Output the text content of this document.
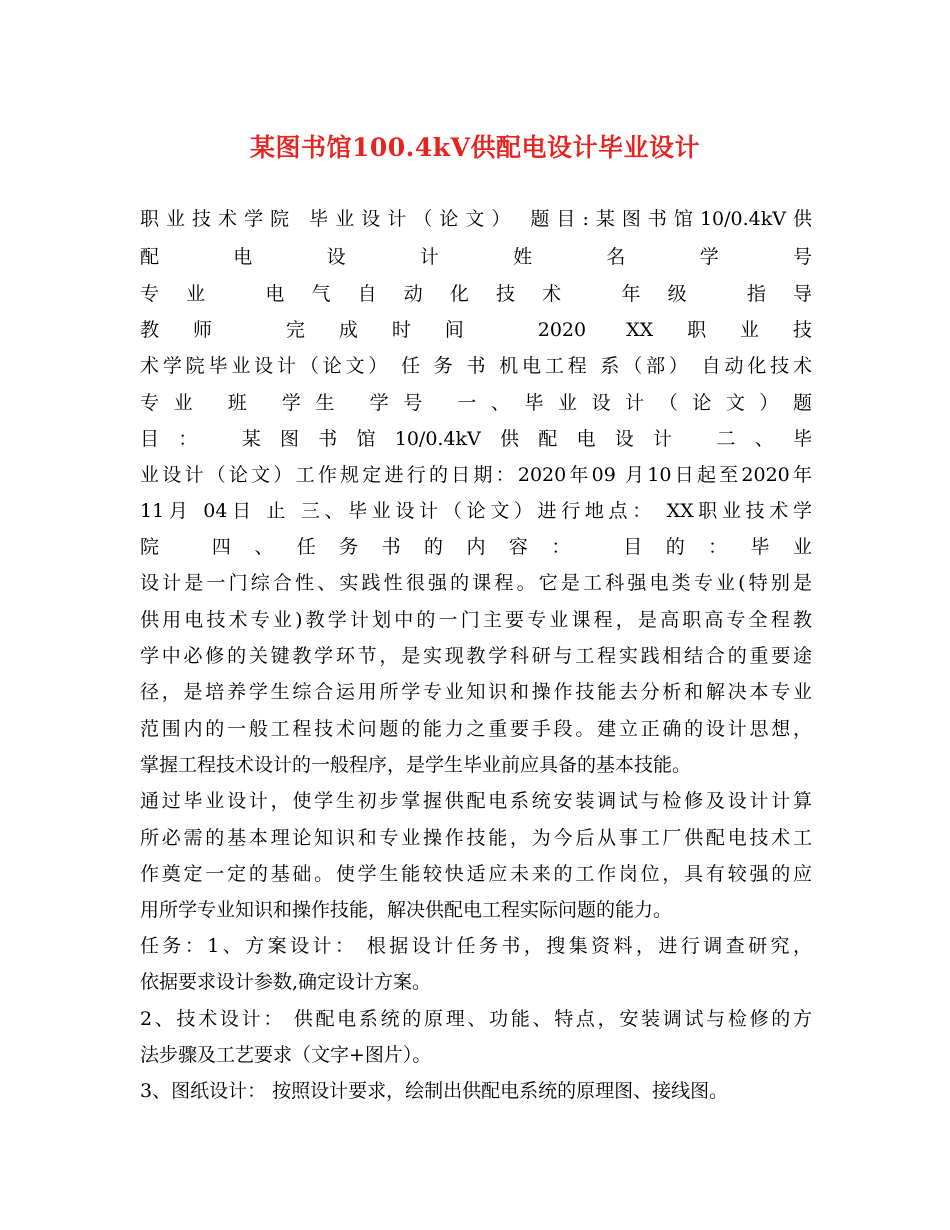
某图书馆100.4kV供配电设计毕业设计

职业技术学院 毕业设计（论文） 题目:某图书馆10/0.4kV供

配 电 设 计 姓 名 学 号

专业 电气自动化技术 年级 指导

教师 完成时间 2020 XX职业技

术学院毕业设计（论文） 任 务 书 机电工程 系（部） 自动化技术

专业 班 学生 学号 一、毕业设计（论文）题

目： 某图书馆10/0.4kV供配电设计 二、毕

业设计（论文）工作规定进行的日期：2020年09 月10日起至2020年

11月 04日 止 三、毕业设计（论文）进行地点： XX职业技术学

院 四、任务书的内容： 目的：毕业

设计是一门综合性、实践性很强的课程。它是工科强电类专业(特别是

供用电技术专业)教学计划中的一门主要专业课程，是高职高专全程教

学中必修的关键教学环节，是实现教学科研与工程实践相结合的重要途

径，是培养学生综合运用所学专业知识和操作技能去分析和解决本专业

范围内的一般工程技术问题的能力之重要手段。建立正确的设计思想，

掌握工程技术设计的一般程序，是学生毕业前应具备的基本技能。

通过毕业设计，使学生初步掌握供配电系统安装调试与检修及设计计算

所必需的基本理论知识和专业操作技能，为今后从事工厂供配电技术工

作奠定一定的基础。使学生能较快适应未来的工作岗位，具有较强的应

用所学专业知识和操作技能，解决供配电工程实际问题的能力。

任务：1、方案设计： 根据设计任务书，搜集资料，进行调查研究，

依据要求设计参数,确定设计方案。

2、技术设计： 供配电系统的原理、功能、特点，安装调试与检修的方

法步骤及工艺要求（文字+图片）。

3、图纸设计： 按照设计要求，绘制出供配电系统的原理图、接线图。
